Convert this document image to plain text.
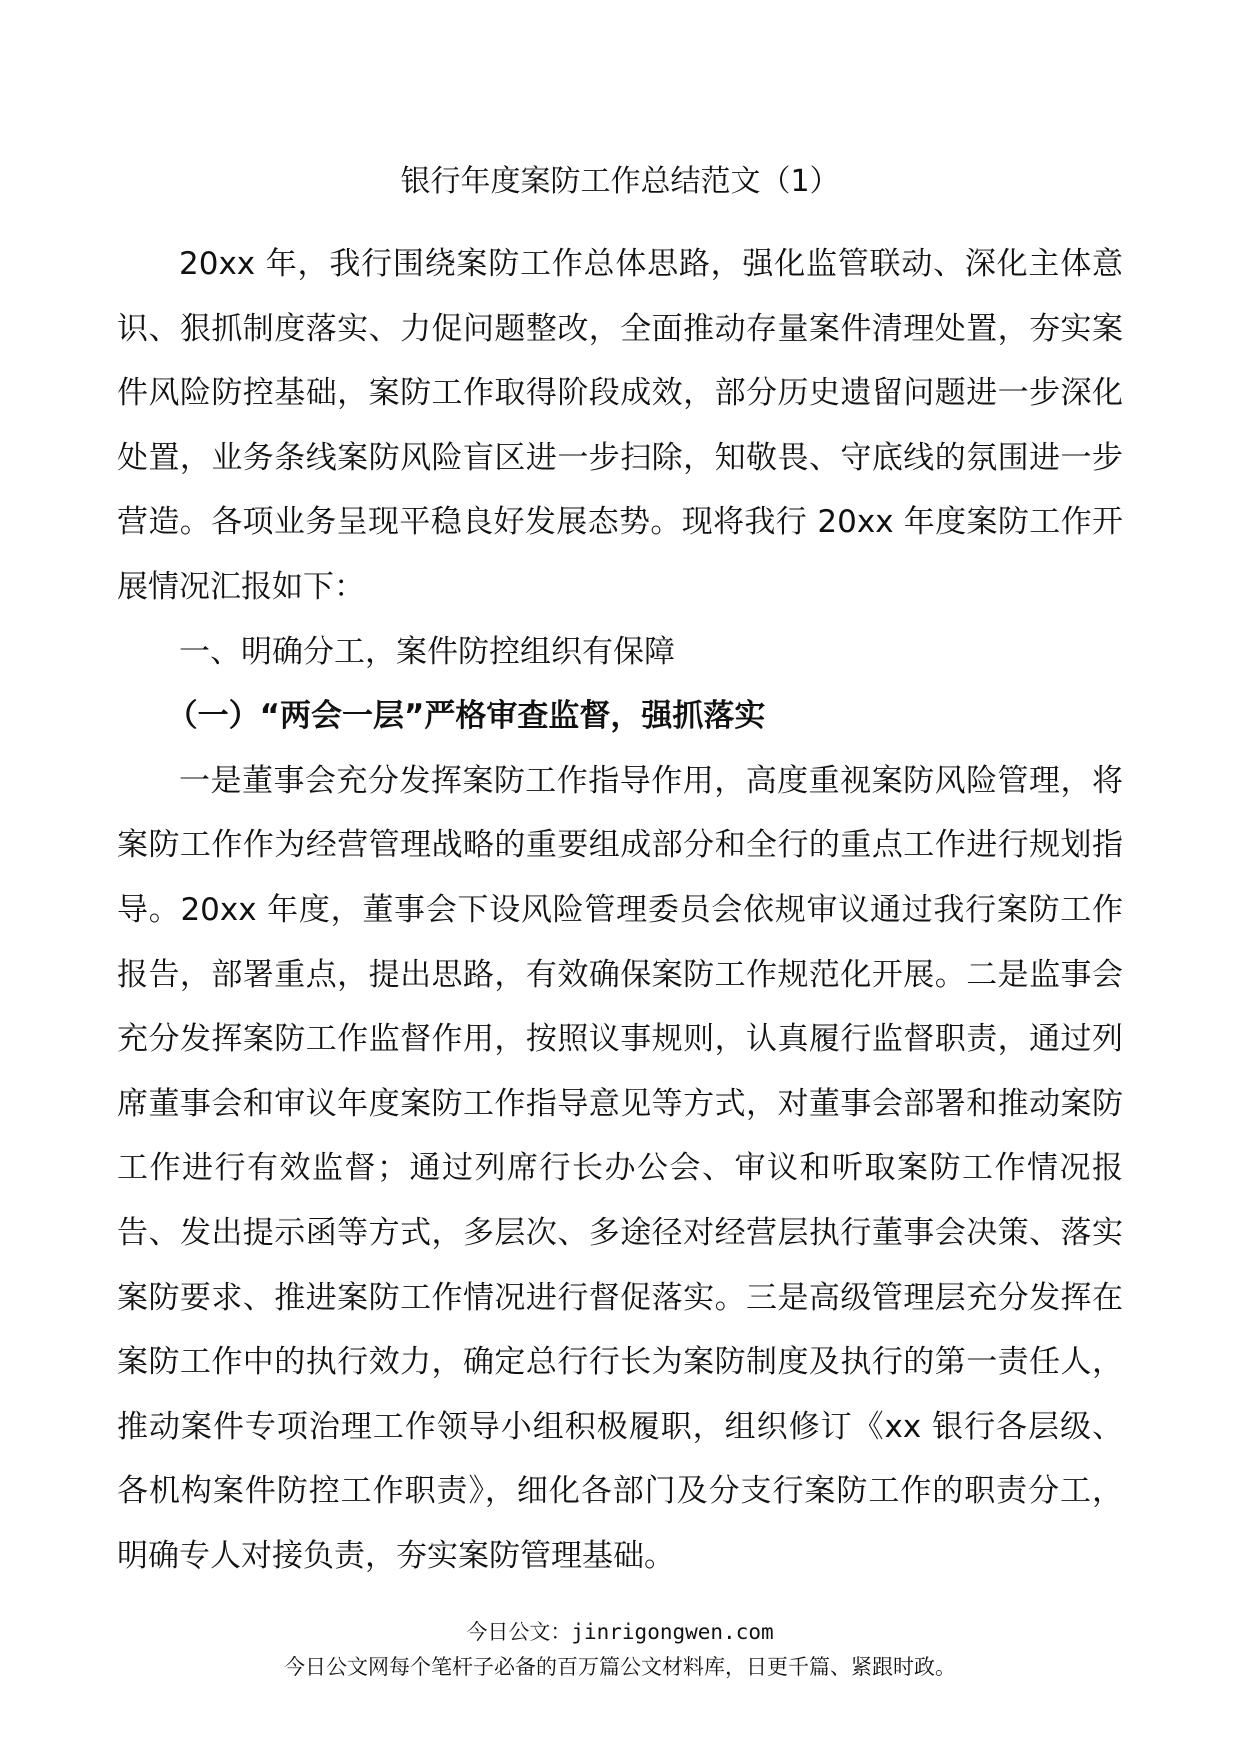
银行年度案防工作总结范文（1）

20xx 年，我行围绕案防工作总体思路，强化监管联动、深化主体意识、狠抓制度落实、力促问题整改，全面推动存量案件清理处置，夯实案件风险防控基础，案防工作取得阶段成效，部分历史遗留问题进一步深化处置，业务条线案防风险盲区进一步扫除，知敬畏、守底线的氛围进一步营造。各项业务呈现平稳良好发展态势。现将我行 20xx 年度案防工作开展情况汇报如下：

一、明确分工，案件防控组织有保障

（一）“两会一层”严格审查监督，强抓落实

一是董事会充分发挥案防工作指导作用，高度重视案防风险管理，将案防工作作为经营管理战略的重要组成部分和全行的重点工作进行规划指导。20xx 年度，董事会下设风险管理委员会依规审议通过我行案防工作报告，部署重点，提出思路，有效确保案防工作规范化开展。二是监事会充分发挥案防工作监督作用，按照议事规则，认真履行监督职责，通过列席董事会和审议年度案防工作指导意见等方式，对董事会部署和推动案防工作进行有效监督；通过列席行长办公会、审议和听取案防工作情况报告、发出提示函等方式，多层次、多途径对经营层执行董事会决策、落实案防要求、推进案防工作情况进行督促落实。三是高级管理层充分发挥在案防工作中的执行效力，确定总行行长为案防制度及执行的第一责任人，推动案件专项治理工作领导小组积极履职，组织修订《xx 银行各层级、各机构案件防控工作职责》，细化各部门及分支行案防工作的职责分工，明确专人对接负责，夯实案防管理基础。

今日公文：jinrigongwen.com
今日公文网每个笔杆子必备的百万篇公文材料库，日更千篇、紧跟时政。
